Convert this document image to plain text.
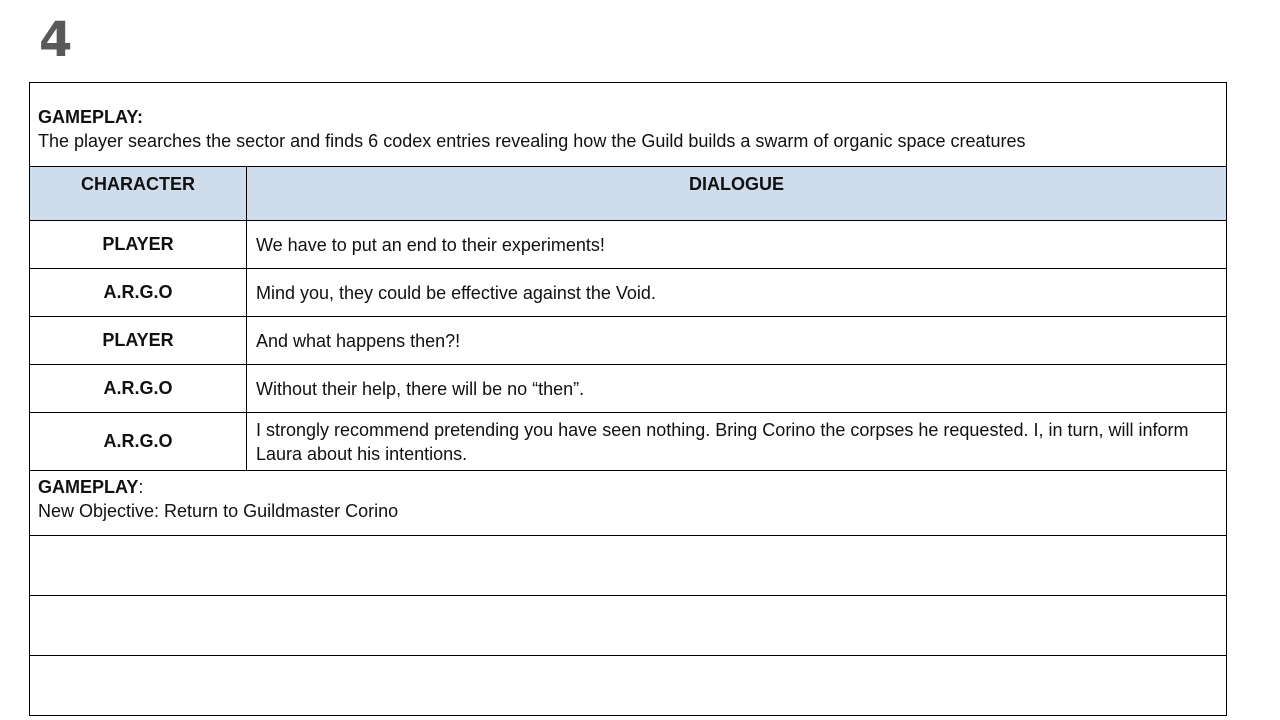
4
GAMEPLAY:
The player searches the sector and finds 6 codex entries revealing how the Guild builds a swarm of organic space creatures	

CHARACTER	DIALOGUE
PLAYER	We have to put an end to their experiments!
A.R.G.O	Mind you, they could be effective against the Void.
PLAYER	And what happens then?!
A.R.G.O	Without their help, there will be no “then”.
A.R.G.O	I strongly recommend pretending you have seen nothing. Bring Corino the corpses he requested. I, in turn, will inform Laura about his intentions.

GAMEPLAY:
New Objective: Return to Guildmaster Corino	
